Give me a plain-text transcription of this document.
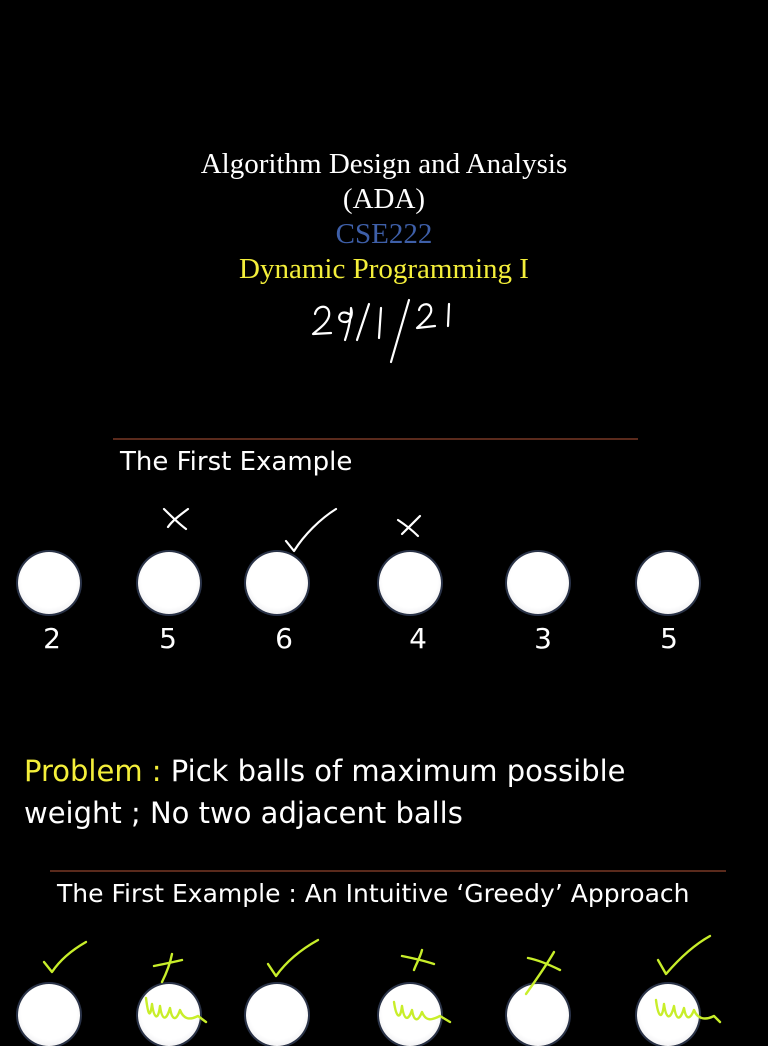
Algorithm Design and Analysis
(ADA)
CSE222
Dynamic Programming I
The First Example
2	5	6	4	3	5
Problem : Pick balls of maximum possible weight ; No two adjacent balls
The First Example : An Intuitive ‘Greedy’ Approach
